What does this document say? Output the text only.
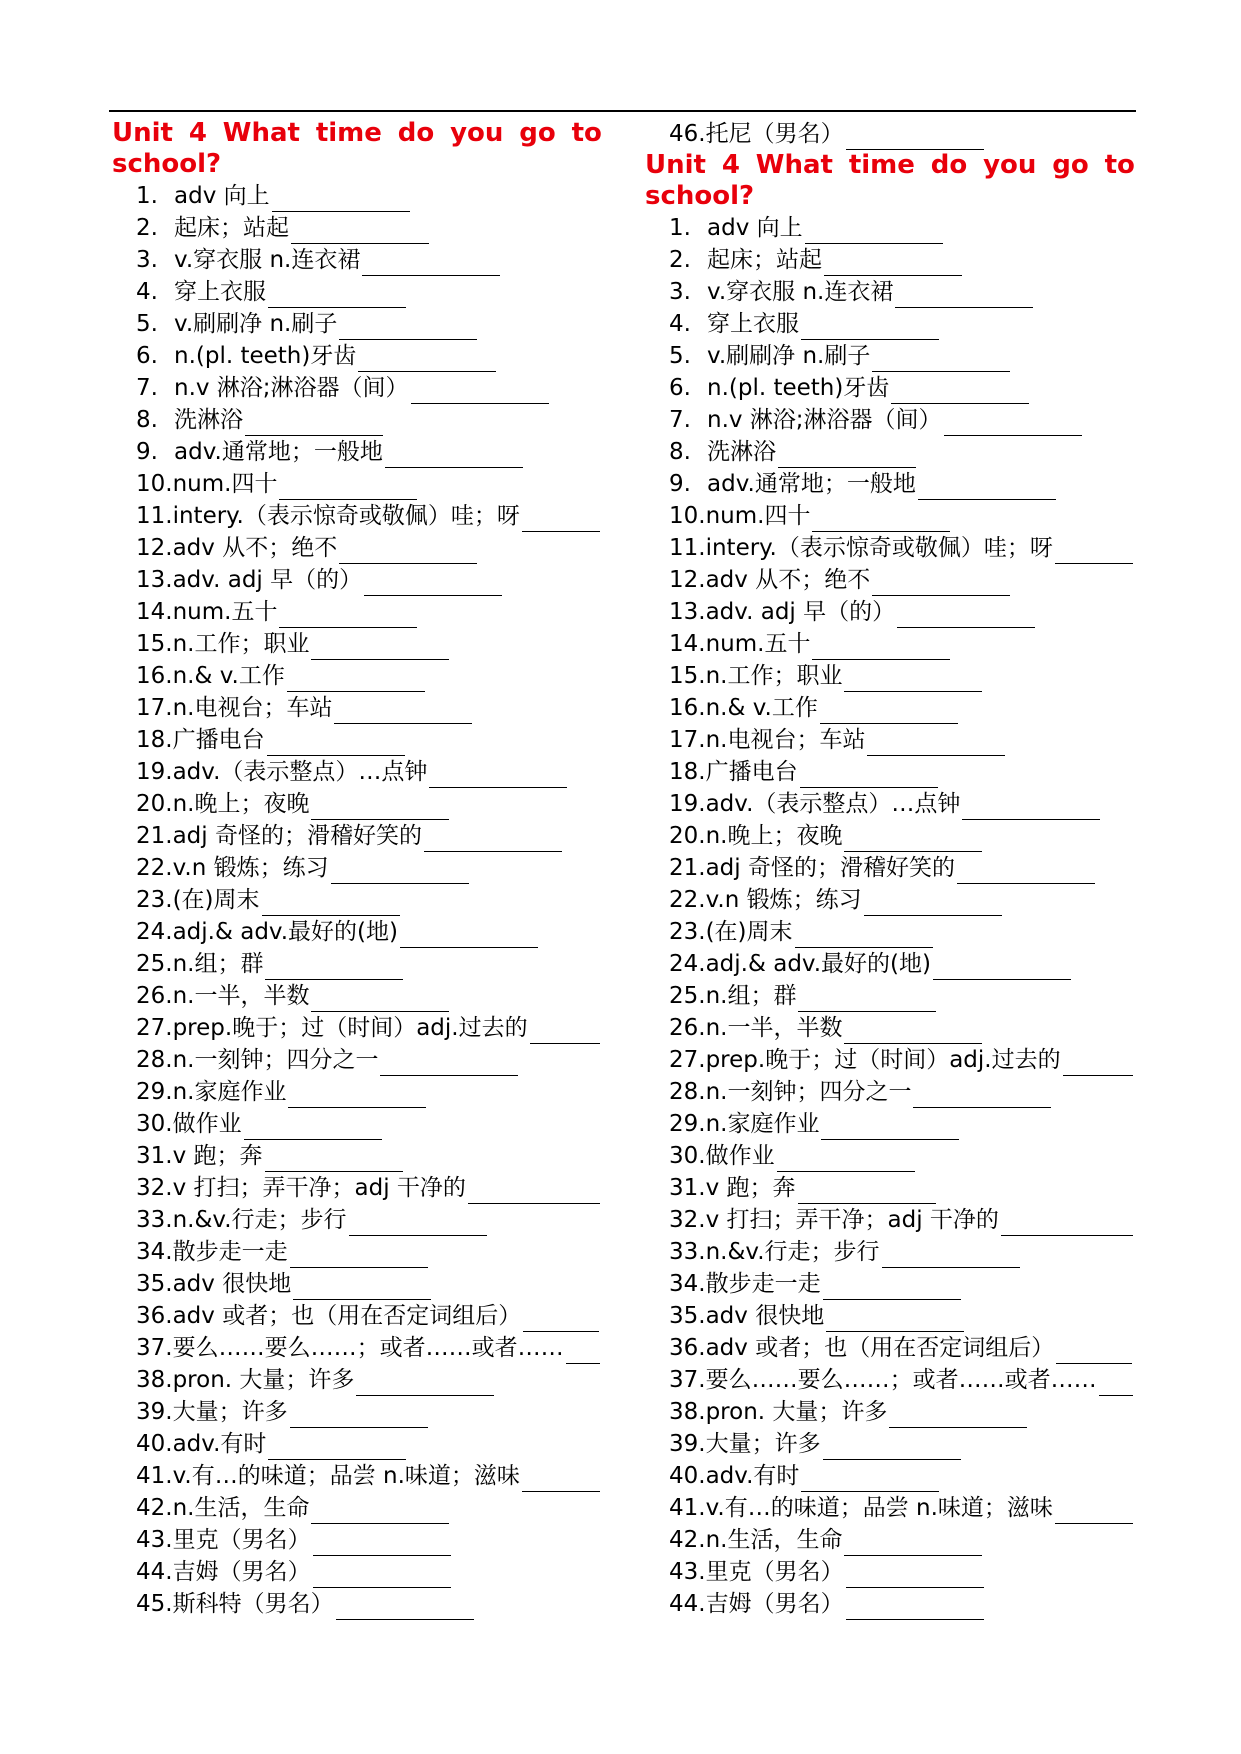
Unit 4 What time do you go to
school?
1. adv 向上
2. 起床；站起
3. v.穿衣服 n.连衣裙
4. 穿上衣服
5. v.刷刷净 n.刷子
6. n.(pl. teeth)牙齿
7. n.v 淋浴;淋浴器（间）
8. 洗淋浴
9. adv.通常地；一般地
10. num.四十
11. intery.（表示惊奇或敬佩）哇；呀
12. adv 从不；绝不
13. adv. adj 早（的）
14. num.五十
15. n.工作；职业
16. n.& v.工作
17. n.电视台；车站
18. 广播电台
19. adv.（表示整点）…点钟
20. n.晚上；夜晚
21. adj 奇怪的；滑稽好笑的
22. v.n 锻炼；练习
23. (在)周末
24. adj.& adv.最好的(地)
25. n.组；群
26. n.一半，半数
27. prep.晚于；过（时间）adj.过去的
28. n.一刻钟；四分之一
29. n.家庭作业
30. 做作业
31. v 跑；奔
32. v 打扫；弄干净；adj 干净的
33. n.&v.行走；步行
34. 散步走一走
35. adv 很快地
36. adv 或者；也（用在否定词组后）
37. 要么……要么……；或者……或者……
38. pron. 大量；许多
39. 大量；许多
40. adv.有时
41. v.有…的味道；品尝 n.味道；滋味
42. n.生活，生命
43. 里克（男名）
44. 吉姆（男名）
45. 斯科特（男名）
46.托尼（男名）
Unit 4 What time do you go to
school?
1. adv 向上
2. 起床；站起
3. v.穿衣服 n.连衣裙
4. 穿上衣服
5. v.刷刷净 n.刷子
6. n.(pl. teeth)牙齿
7. n.v 淋浴;淋浴器（间）
8. 洗淋浴
9. adv.通常地；一般地
10. num.四十
11. intery.（表示惊奇或敬佩）哇；呀
12. adv 从不；绝不
13. adv. adj 早（的）
14. num.五十
15. n.工作；职业
16. n.& v.工作
17. n.电视台；车站
18. 广播电台
19. adv.（表示整点）…点钟
20. n.晚上；夜晚
21. adj 奇怪的；滑稽好笑的
22. v.n 锻炼；练习
23. (在)周末
24. adj.& adv.最好的(地)
25. n.组；群
26. n.一半，半数
27. prep.晚于；过（时间）adj.过去的
28. n.一刻钟；四分之一
29. n.家庭作业
30. 做作业
31. v 跑；奔
32. v 打扫；弄干净；adj 干净的
33. n.&v.行走；步行
34. 散步走一走
35. adv 很快地
36. adv 或者；也（用在否定词组后）
37. 要么……要么……；或者……或者……
38. pron. 大量；许多
39. 大量；许多
40. adv.有时
41. v.有…的味道；品尝 n.味道；滋味
42. n.生活，生命
43. 里克（男名）
44. 吉姆（男名）
